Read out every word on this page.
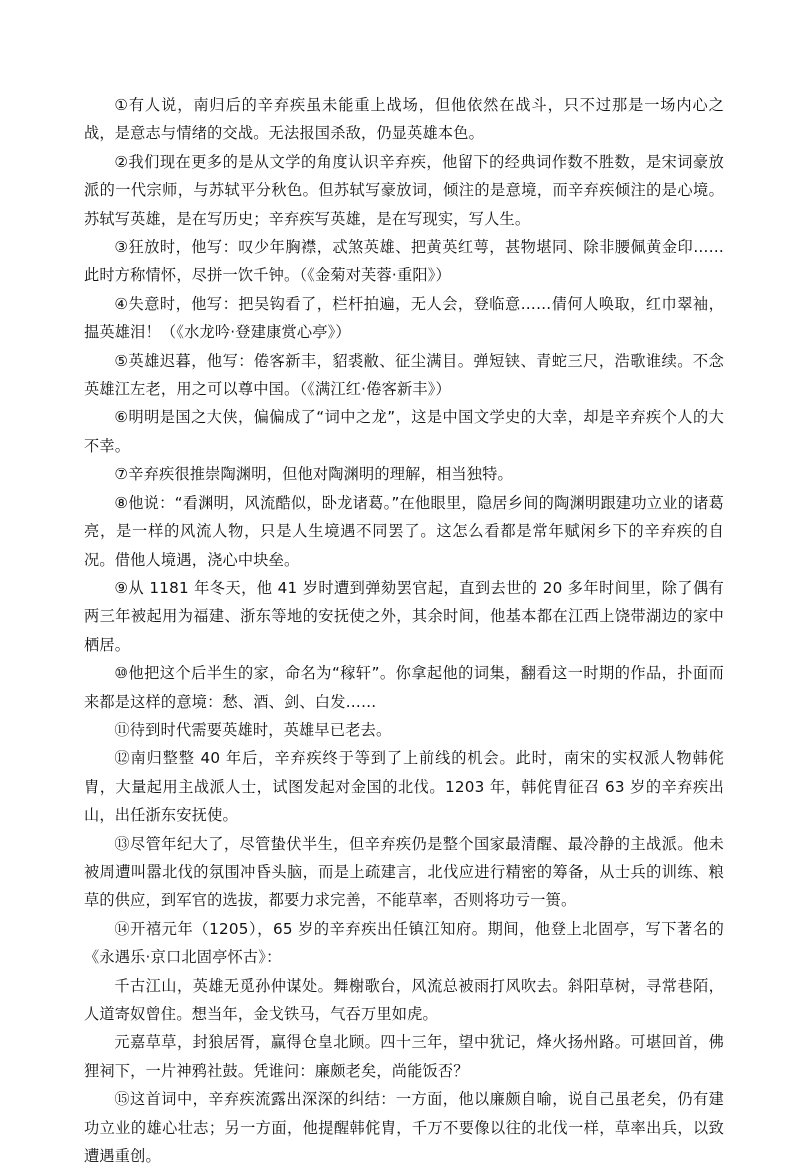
①有人说，南归后的辛弃疾虽未能重上战场，但他依然在战斗，只不过那是一场内心之战，是意志与情绪的交战。无法报国杀敌，仍显英雄本色。

②我们现在更多的是从文学的角度认识辛弃疾，他留下的经典词作数不胜数，是宋词豪放派的一代宗师，与苏轼平分秋色。但苏轼写豪放词，倾注的是意境，而辛弃疾倾注的是心境。苏轼写英雄，是在写历史；辛弃疾写英雄，是在写现实，写人生。

③狂放时，他写：叹少年胸襟，忒煞英雄、把黄英红萼，甚物堪同、除非腰佩黄金印……此时方称情怀，尽拼一饮千钟。（《金菊对芙蓉·重阳》）

④失意时，他写：把吴钩看了，栏杆拍遍，无人会，登临意……倩何人唤取，红巾翠袖，揾英雄泪！（《水龙吟·登建康赏心亭》）

⑤英雄迟暮，他写：倦客新丰，貂裘敝、征尘满目。弹短铗、青蛇三尺，浩歌谁续。不念英雄江左老，用之可以尊中国。（《满江红·倦客新丰》）

⑥明明是国之大侠，偏偏成了“词中之龙”，这是中国文学史的大幸，却是辛弃疾个人的大不幸。

⑦辛弃疾很推崇陶渊明，但他对陶渊明的理解，相当独特。

⑧他说：“看渊明，风流酷似，卧龙诸葛。”在他眼里，隐居乡间的陶渊明跟建功立业的诸葛亮，是一样的风流人物，只是人生境遇不同罢了。这怎么看都是常年赋闲乡下的辛弃疾的自况。借他人境遇，浇心中块垒。

⑨从 1181 年冬天，他 41 岁时遭到弹劾罢官起，直到去世的 20 多年时间里，除了偶有两三年被起用为福建、浙东等地的安抚使之外，其余时间，他基本都在江西上饶带湖边的家中栖居。

⑩他把这个后半生的家，命名为“稼轩”。你拿起他的词集，翻看这一时期的作品，扑面而来都是这样的意境：愁、酒、剑、白发……

⑪待到时代需要英雄时，英雄早已老去。

⑫南归整整 40 年后，辛弃疾终于等到了上前线的机会。此时，南宋的实权派人物韩侂胄，大量起用主战派人士，试图发起对金国的北伐。1203 年，韩侂胄征召 63 岁的辛弃疾出山，出任浙东安抚使。

⑬尽管年纪大了，尽管蛰伏半生，但辛弃疾仍是整个国家最清醒、最冷静的主战派。他未被周遭叫嚣北伐的氛围冲昏头脑，而是上疏建言，北伐应进行精密的筹备，从士兵的训练、粮草的供应，到军官的选拔，都要力求完善，不能草率，否则将功亏一篑。

⑭开禧元年（1205），65 岁的辛弃疾出任镇江知府。期间，他登上北固亭，写下著名的《永遇乐·京口北固亭怀古》：

千古江山，英雄无觅孙仲谋处。舞榭歌台，风流总被雨打风吹去。斜阳草树，寻常巷陌，人道寄奴曾住。想当年，金戈铁马，气吞万里如虎。

元嘉草草，封狼居胥，赢得仓皇北顾。四十三年，望中犹记，烽火扬州路。可堪回首，佛狸祠下，一片神鸦社鼓。凭谁问：廉颇老矣，尚能饭否？

⑮这首词中，辛弃疾流露出深深的纠结：一方面，他以廉颇自喻，说自己虽老矣，仍有建功立业的雄心壮志；另一方面，他提醒韩侂胄，千万不要像以往的北伐一样，草率出兵，以致遭遇重创。
